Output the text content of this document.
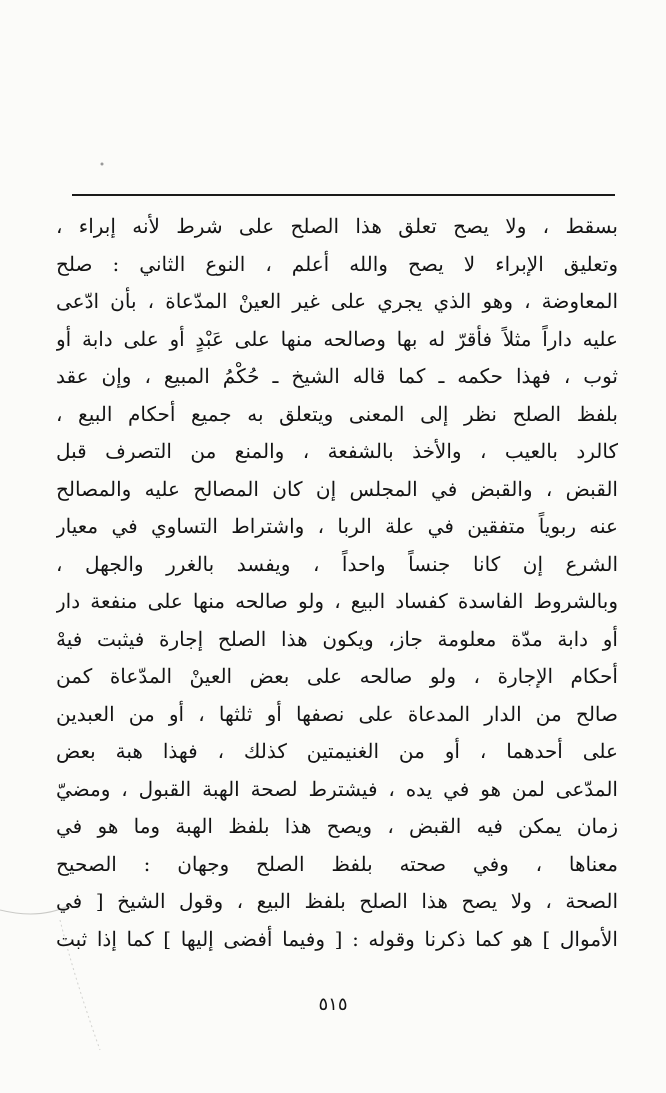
بسقط ، ولا يصح تعلق هذا الصلح على شرط لأنه إبراء ،
وتعليق الإبراء لا يصح والله أعلم ، النوع الثاني : صلح
المعاوضة ، وهو الذي يجري على غير العينْ المدّعاة ، بأن ادّعى
عليه داراً مثلاً فأقرّ له بها وصالحه منها على عَبْدٍ أو على دابة أو
ثوب ، فهذا حكمه ـ كما قاله الشيخ ـ حُكْمُ المبيع ، وإن عقد
بلفظ الصلح نظر إلى المعنى ويتعلق به جميع أحكام البيع ،
كالرد بالعيب ، والأخذ بالشفعة ، والمنع من التصرف قبل
القبض ، والقبض في المجلس إن كان المصالح عليه والمصالح
عنه ربوياً متفقين في علة الربا ، واشتراط التساوي في معيار
الشرع إن كانا جنساً واحداً ، ويفسد بالغرر والجهل ،
وبالشروط الفاسدة كفساد البيع ، ولو صالحه منها على منفعة دار
أو دابة مدّة معلومة جاز، ويكون هذا الصلح إجارة فيثبت فيهْ
أحكام الإجارة ، ولو صالحه على بعض العينْ المدّعاة كمن
صالح من الدار المدعاة على نصفها أو ثلثها ، أو من العبدين
على أحدهما ، أو من الغنيمتين كذلك ، فهذا هبة بعض
المدّعى لمن هو في يده ، فيشترط لصحة الهبة القبول ، ومضيّ
زمان يمكن فيه القبض ، ويصح هذا بلفظ الهبة وما هو في
معناها ، وفي صحته بلفظ الصلح وجهان : الصحيح
الصحة ، ولا يصح هذا الصلح بلفظ البيع ، وقول الشيخ [ في
الأموال ] هو كما ذكرنا وقوله : [ وفيما أفضى إليها ] كما إذا ثبت
٥١٥
